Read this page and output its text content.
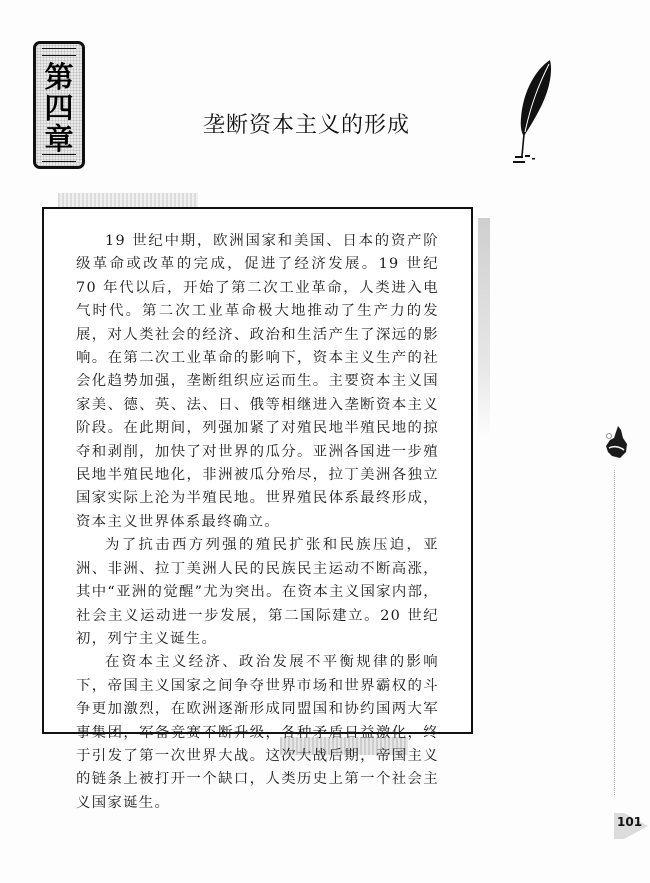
第
四
章	垄断资本主义的形成

19 世纪中期，欧洲国家和美国、日本的资产阶级革命或改革的完成，促进了经济发展。19 世纪 70 年代以后，开始了第二次工业革命，人类进入电气时代。第二次工业革命极大地推动了生产力的发展，对人类社会的经济、政治和生活产生了深远的影响。在第二次工业革命的影响下，资本主义生产的社会化趋势加强，垄断组织应运而生。主要资本主义国家美、德、英、法、日、俄等相继进入垄断资本主义阶段。在此期间，列强加紧了对殖民地半殖民地的掠夺和剥削，加快了对世界的瓜分。亚洲各国进一步殖民地半殖民地化，非洲被瓜分殆尽，拉丁美洲各独立国家实际上沦为半殖民地。世界殖民体系最终形成，资本主义世界体系最终确立。

为了抗击西方列强的殖民扩张和民族压迫，亚洲、非洲、拉丁美洲人民的民族民主运动不断高涨，其中“亚洲的觉醒”尤为突出。在资本主义国家内部，社会主义运动进一步发展，第二国际建立。20 世纪初，列宁主义诞生。

在资本主义经济、政治发展不平衡规律的影响下，帝国主义国家之间争夺世界市场和世界霸权的斗争更加激烈，在欧洲逐渐形成同盟国和协约国两大军事集团，军备竞赛不断升级，各种矛盾日益激化，终于引发了第一次世界大战。这次大战后期，帝国主义的链条上被打开一个缺口，人类历史上第一个社会主义国家诞生。

101
